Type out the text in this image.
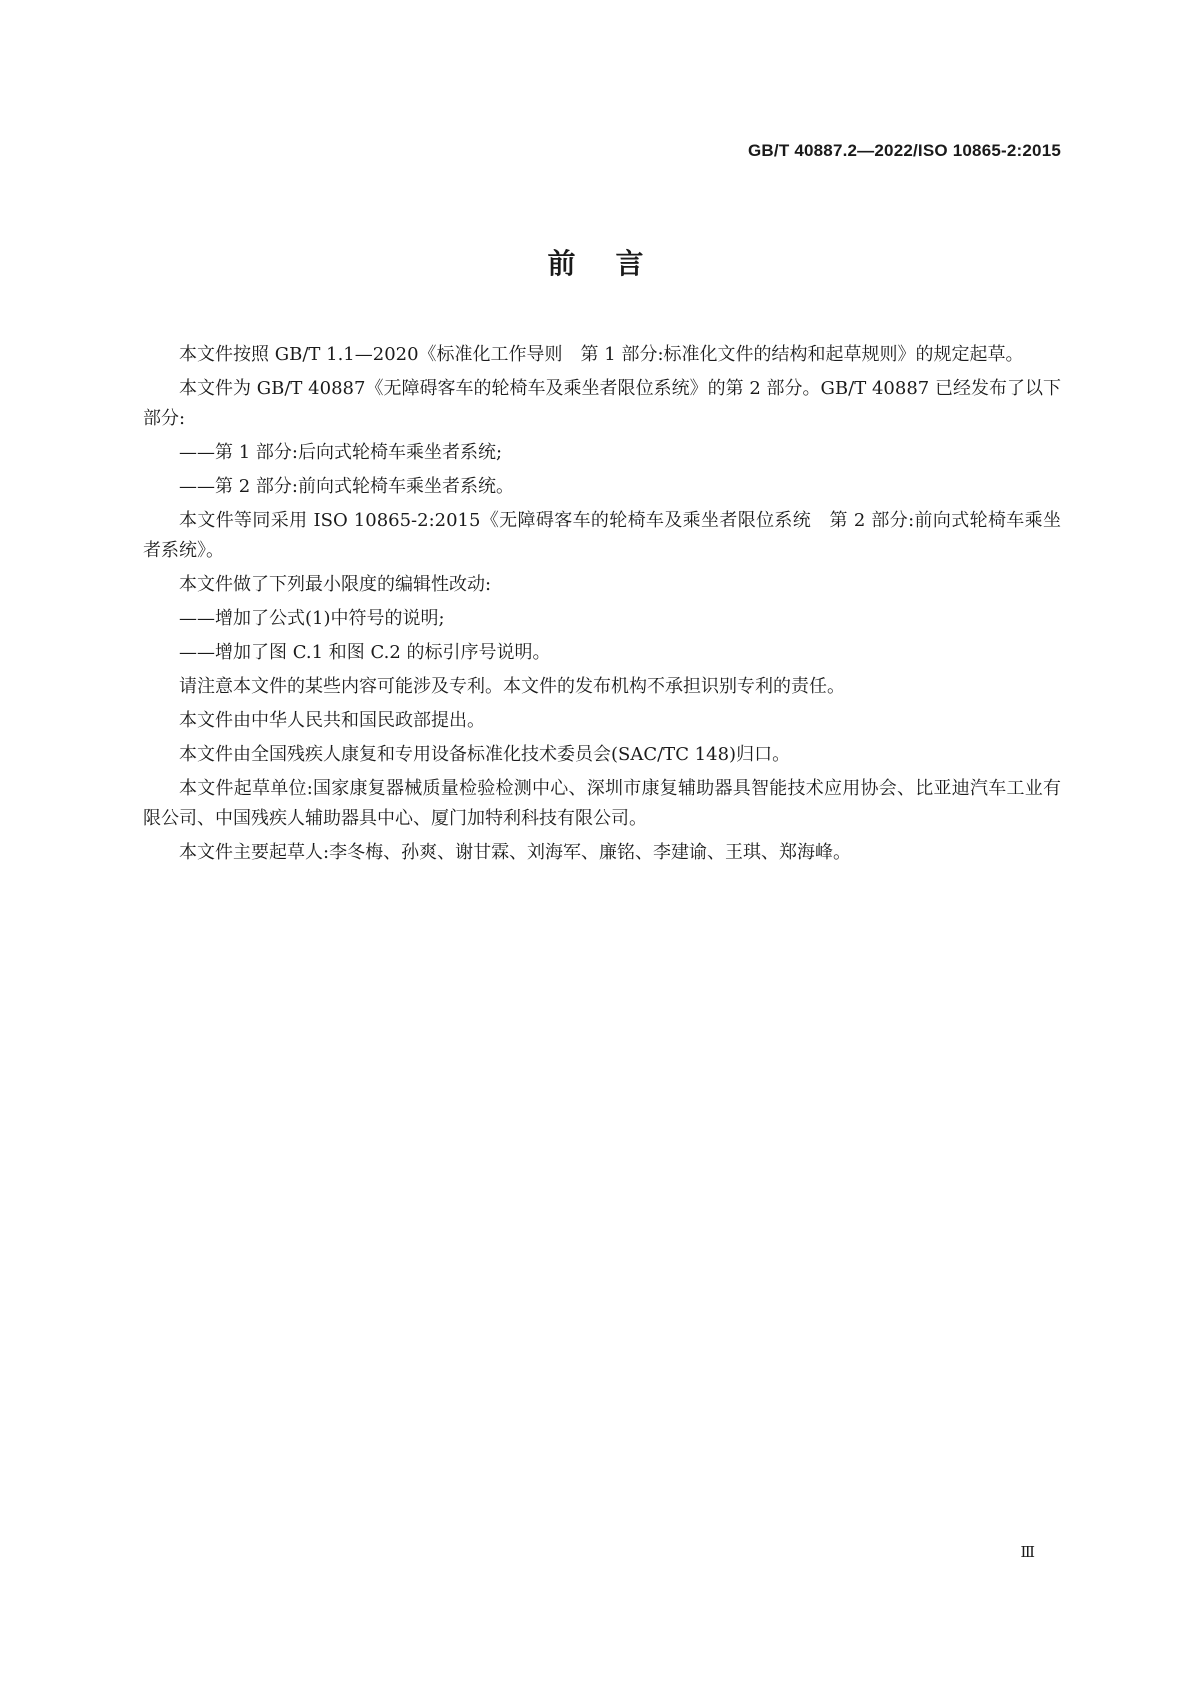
GB/T 40887.2—2022/ISO 10865-2:2015
前言

本文件按照 GB/T 1.1—2020《标准化工作导则　第 1 部分:标准化文件的结构和起草规则》的规定起草。

本文件为 GB/T 40887《无障碍客车的轮椅车及乘坐者限位系统》的第 2 部分。GB/T 40887 已经发布了以下部分:

——第 1 部分:后向式轮椅车乘坐者系统;

——第 2 部分:前向式轮椅车乘坐者系统。

本文件等同采用 ISO 10865-2:2015《无障碍客车的轮椅车及乘坐者限位系统　第 2 部分:前向式轮椅车乘坐者系统》。

本文件做了下列最小限度的编辑性改动:

——增加了公式(1)中符号的说明;

——增加了图 C.1 和图 C.2 的标引序号说明。

请注意本文件的某些内容可能涉及专利。本文件的发布机构不承担识别专利的责任。

本文件由中华人民共和国民政部提出。

本文件由全国残疾人康复和专用设备标准化技术委员会(SAC/TC 148)归口。

本文件起草单位:国家康复器械质量检验检测中心、深圳市康复辅助器具智能技术应用协会、比亚迪汽车工业有限公司、中国残疾人辅助器具中心、厦门加特利科技有限公司。

本文件主要起草人:李冬梅、孙爽、谢甘霖、刘海军、廉铭、李建谕、王琪、郑海峰。

Ⅲ
